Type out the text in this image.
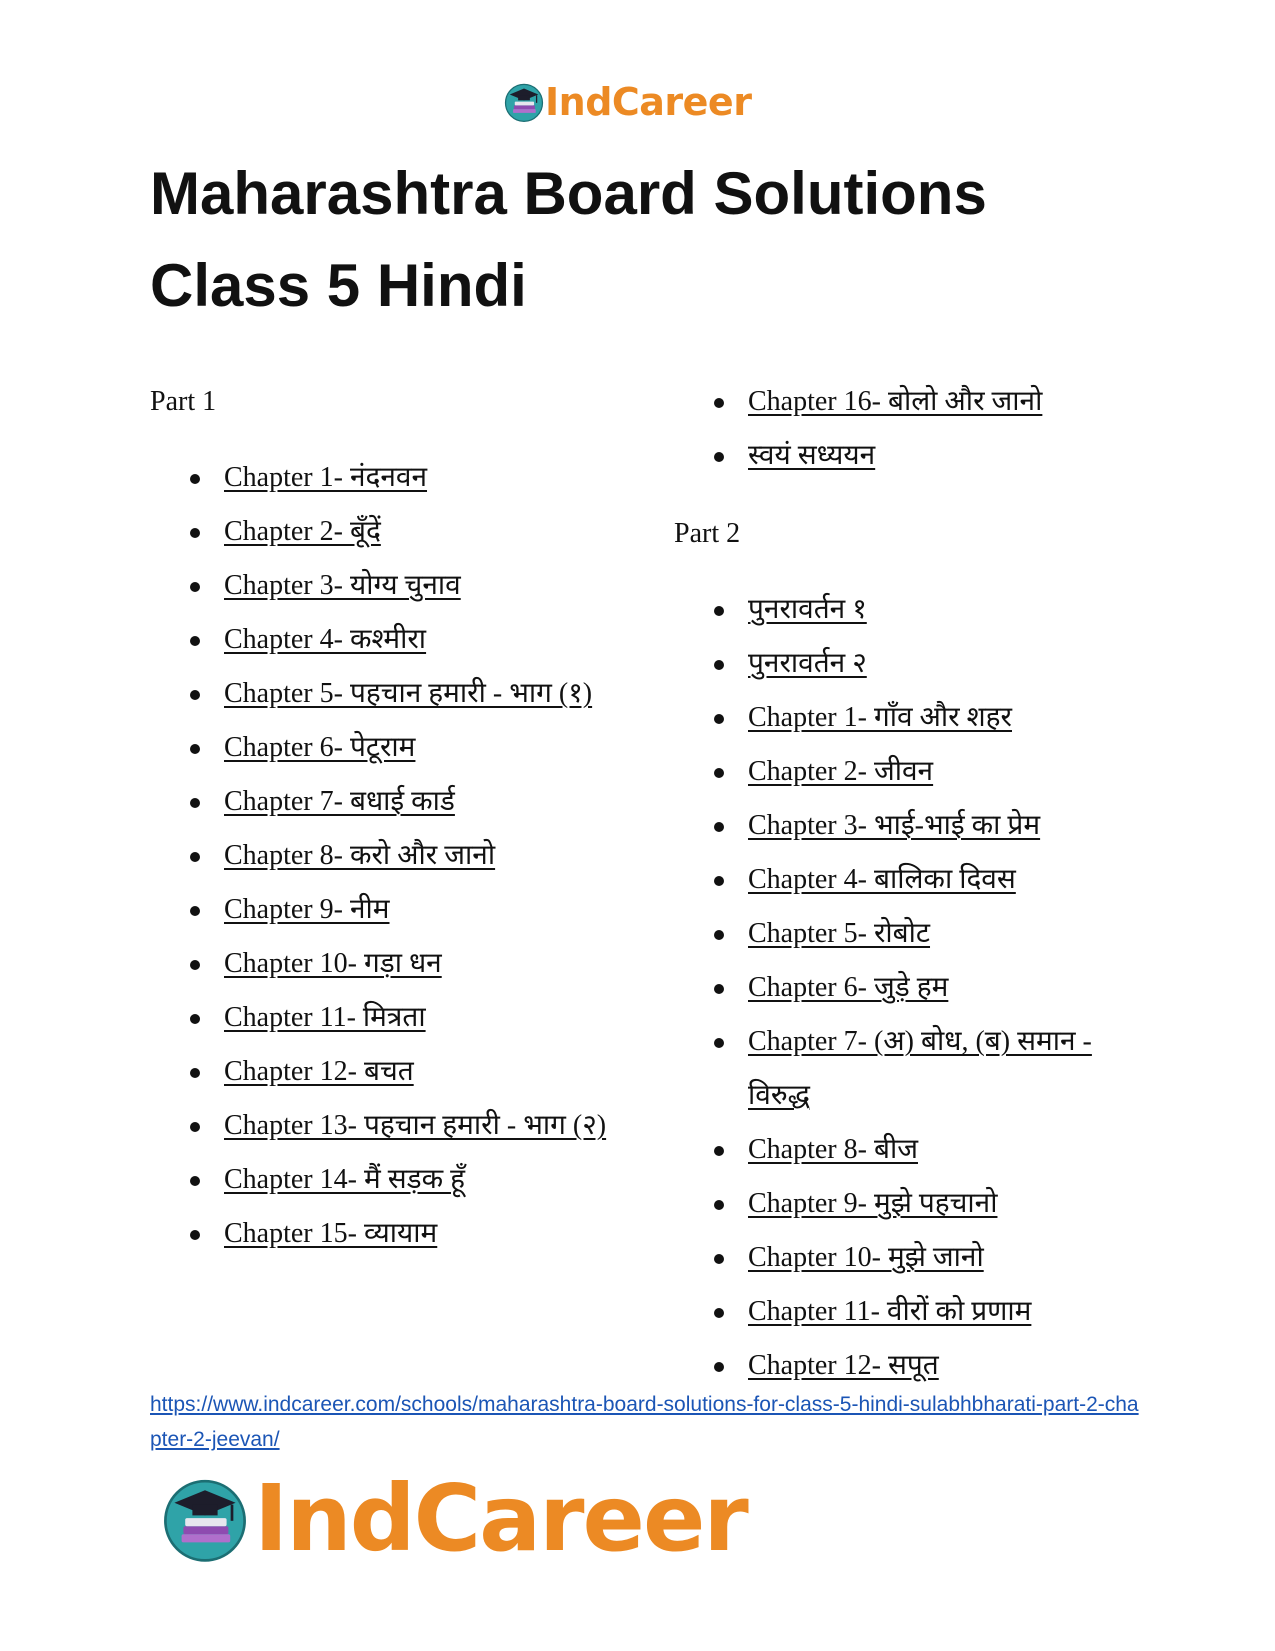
IndCareer
Maharashtra Board Solutions Class 5 Hindi

Part 1

Chapter 1- नंदनवन
Chapter 2- बूँदें
Chapter 3- योग्य चुनाव
Chapter 4- कश्मीरा
Chapter 5- पहचान हमारी - भाग (१)
Chapter 6- पेटूराम
Chapter 7- बधाई कार्ड
Chapter 8- करो और जानो
Chapter 9- नीम
Chapter 10- गड़ा धन
Chapter 11- मित्रता
Chapter 12- बचत
Chapter 13- पहचान हमारी - भाग (२)
Chapter 14- मैं सड़क हूँ
Chapter 15- व्यायाम
Chapter 16- बोलो और जानो
स्वयं सध्ययन

Part 2

पुनरावर्तन १
पुनरावर्तन २
Chapter 1- गाँव और शहर
Chapter 2- जीवन
Chapter 3- भाई-भाई का प्रेम
Chapter 4- बालिका दिवस
Chapter 5- रोबोट
Chapter 6- जुड़े हम
Chapter 7- (अ) बोध, (ब) समान - विरुद्ध
Chapter 8- बीज
Chapter 9- मुझे पहचानो
Chapter 10- मुझे जानो
Chapter 11- वीरों को प्रणाम
Chapter 12- सपूत
https://www.indcareer.com/schools/maharashtra-board-solutions-for-class-5-hindi-sulabhbharati-part-2-chapter-2-jeevan/
IndCareer
